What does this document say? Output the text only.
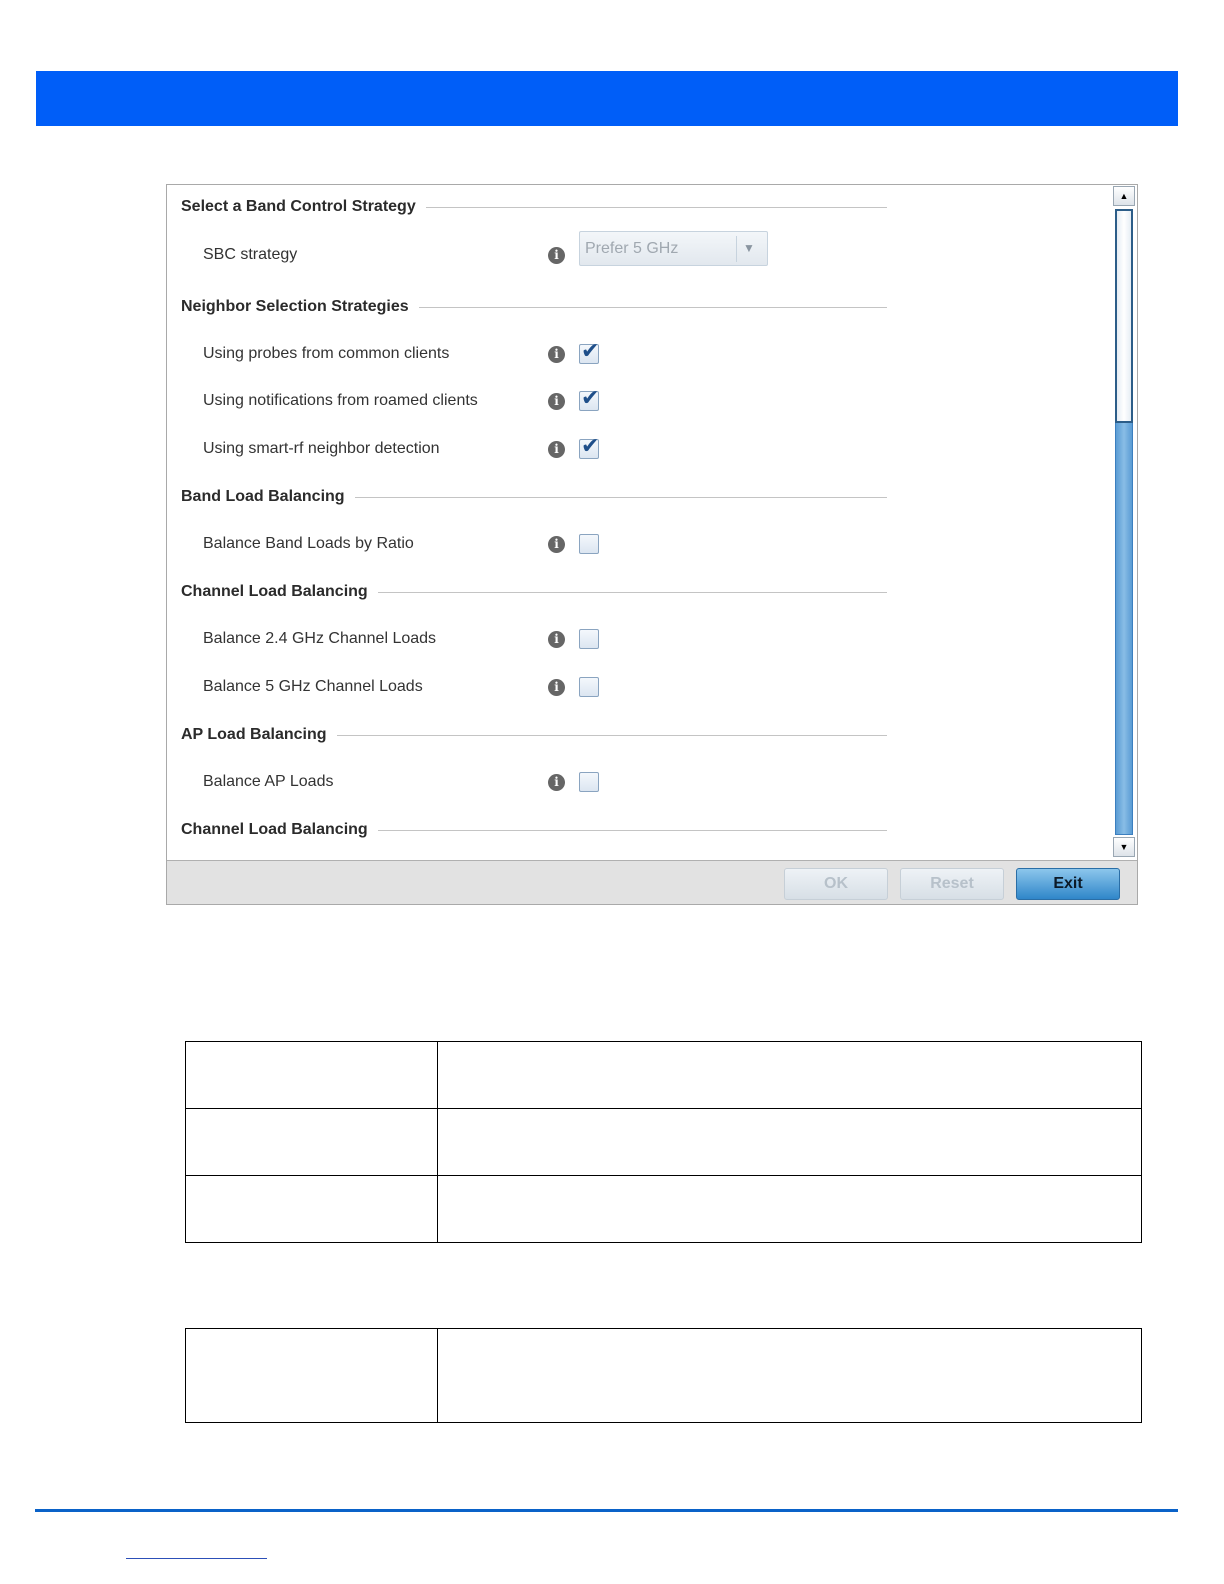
Select a Band Control Strategy
SBC strategy	i	Prefer 5 GHz	▼
Neighbor Selection Strategies
Using probes from common clients	i ✔
Using notifications from roamed clients	i ✔
Using smart-rf neighbor detection	i ✔
Band Load Balancing
Balance Band Loads by Ratio	i
Channel Load Balancing
Balance 2.4 GHz Channel Loads	i
Balance 5 GHz Channel Loads	i
AP Load Balancing
Balance AP Loads	i
Channel Load Balancing
▲
▼
OK	Reset	Exit
